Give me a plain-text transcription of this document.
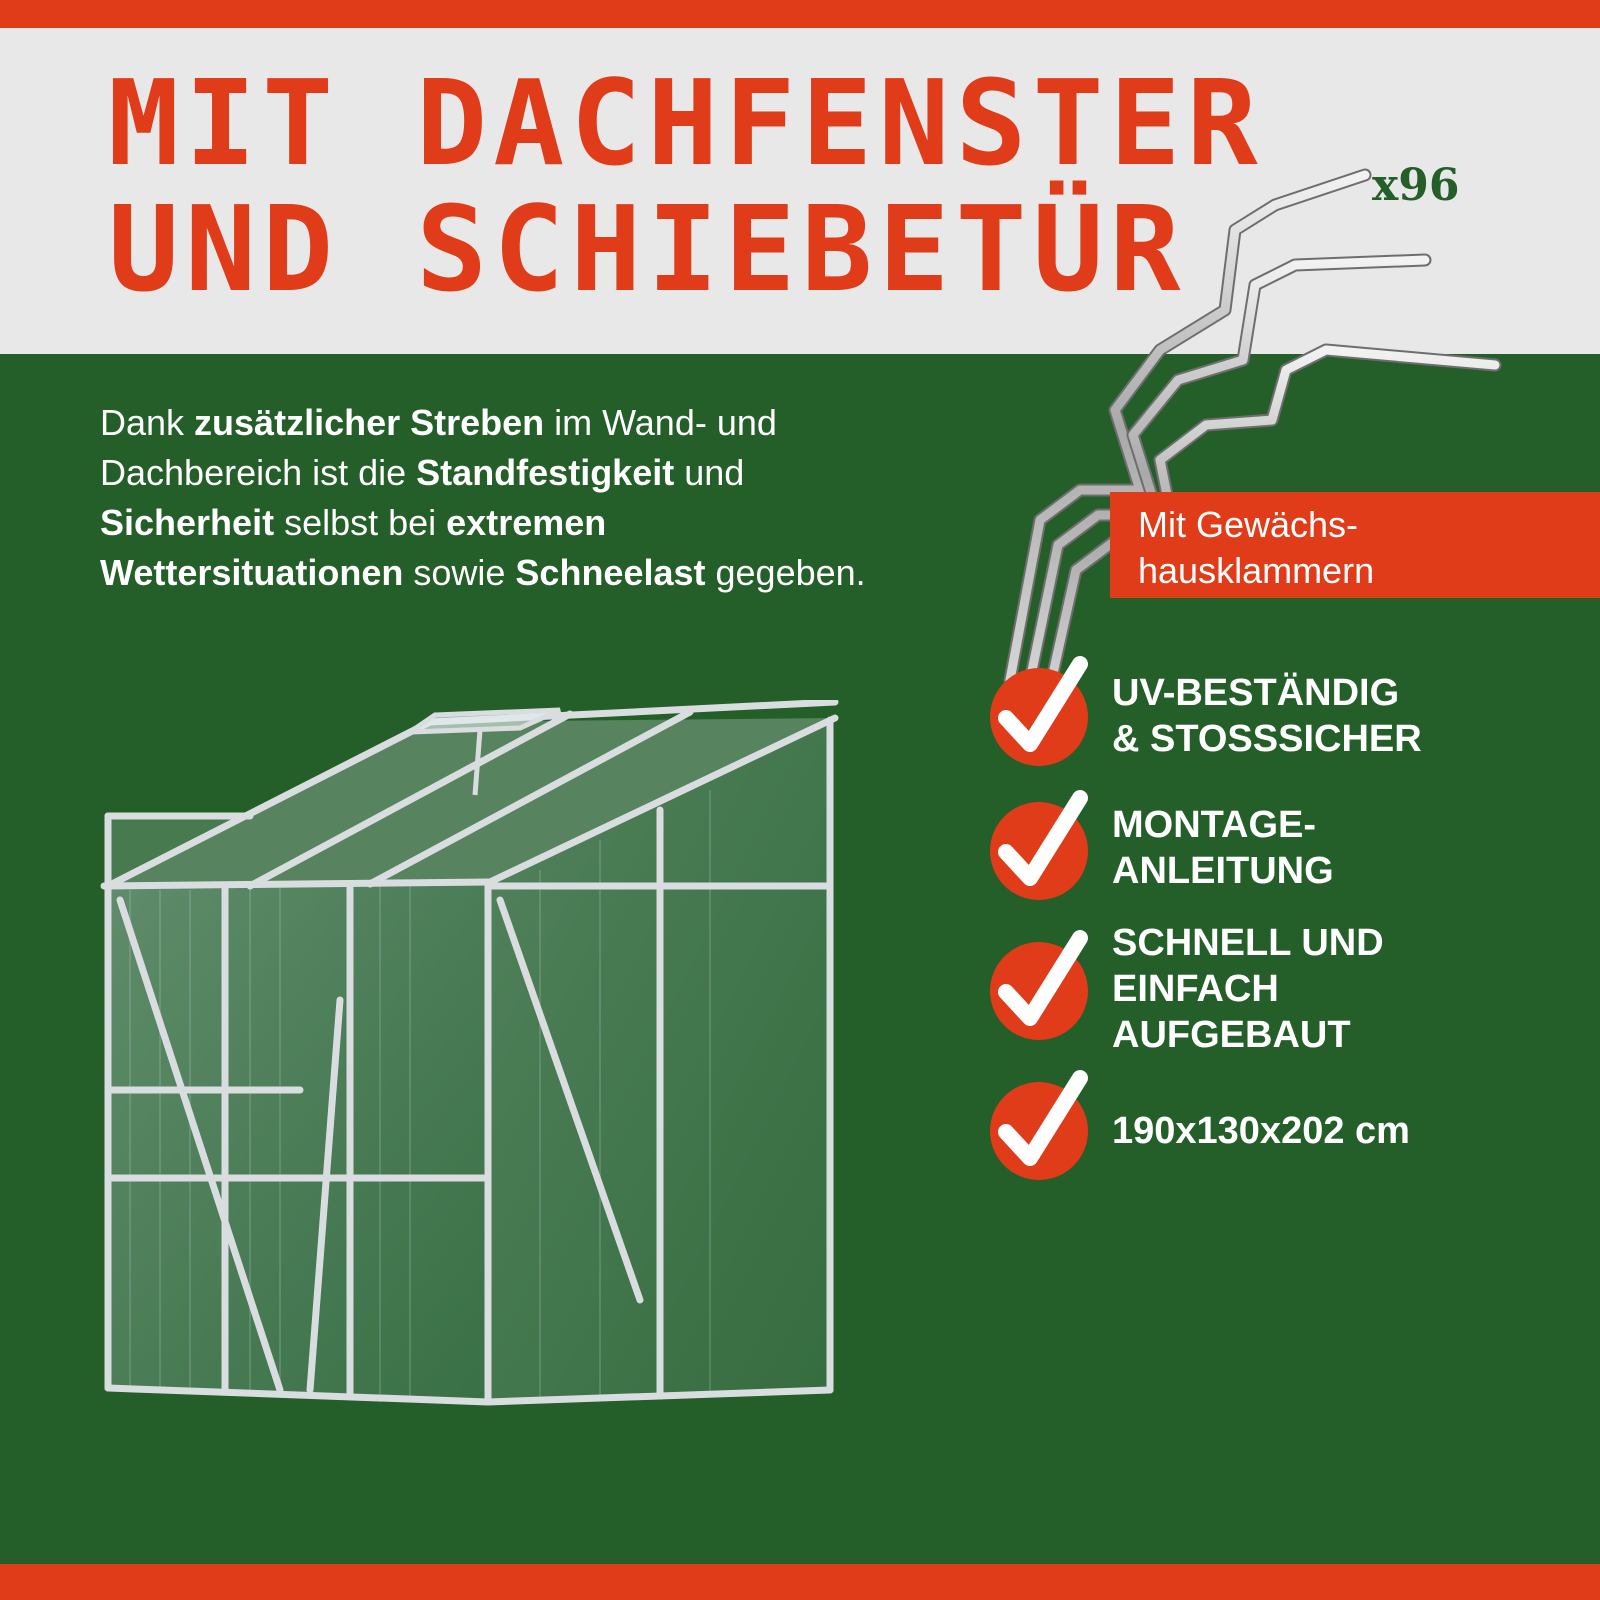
MIT DACHFENSTER
UND SCHIEBETÜR

Dank zusätzlicher Streben im Wand- und Dachbereich ist die Standfestigkeit und Sicherheit selbst bei extremen Wettersituationen sowie Schneelast gegeben.

x96
Mit Gewächs-
hausklammern
UV-BESTÄNDIG
& STOSSSICHER
MONTAGE-
ANLEITUNG
SCHNELL UND
EINFACH
AUFGEBAUT
190x130x202 cm
